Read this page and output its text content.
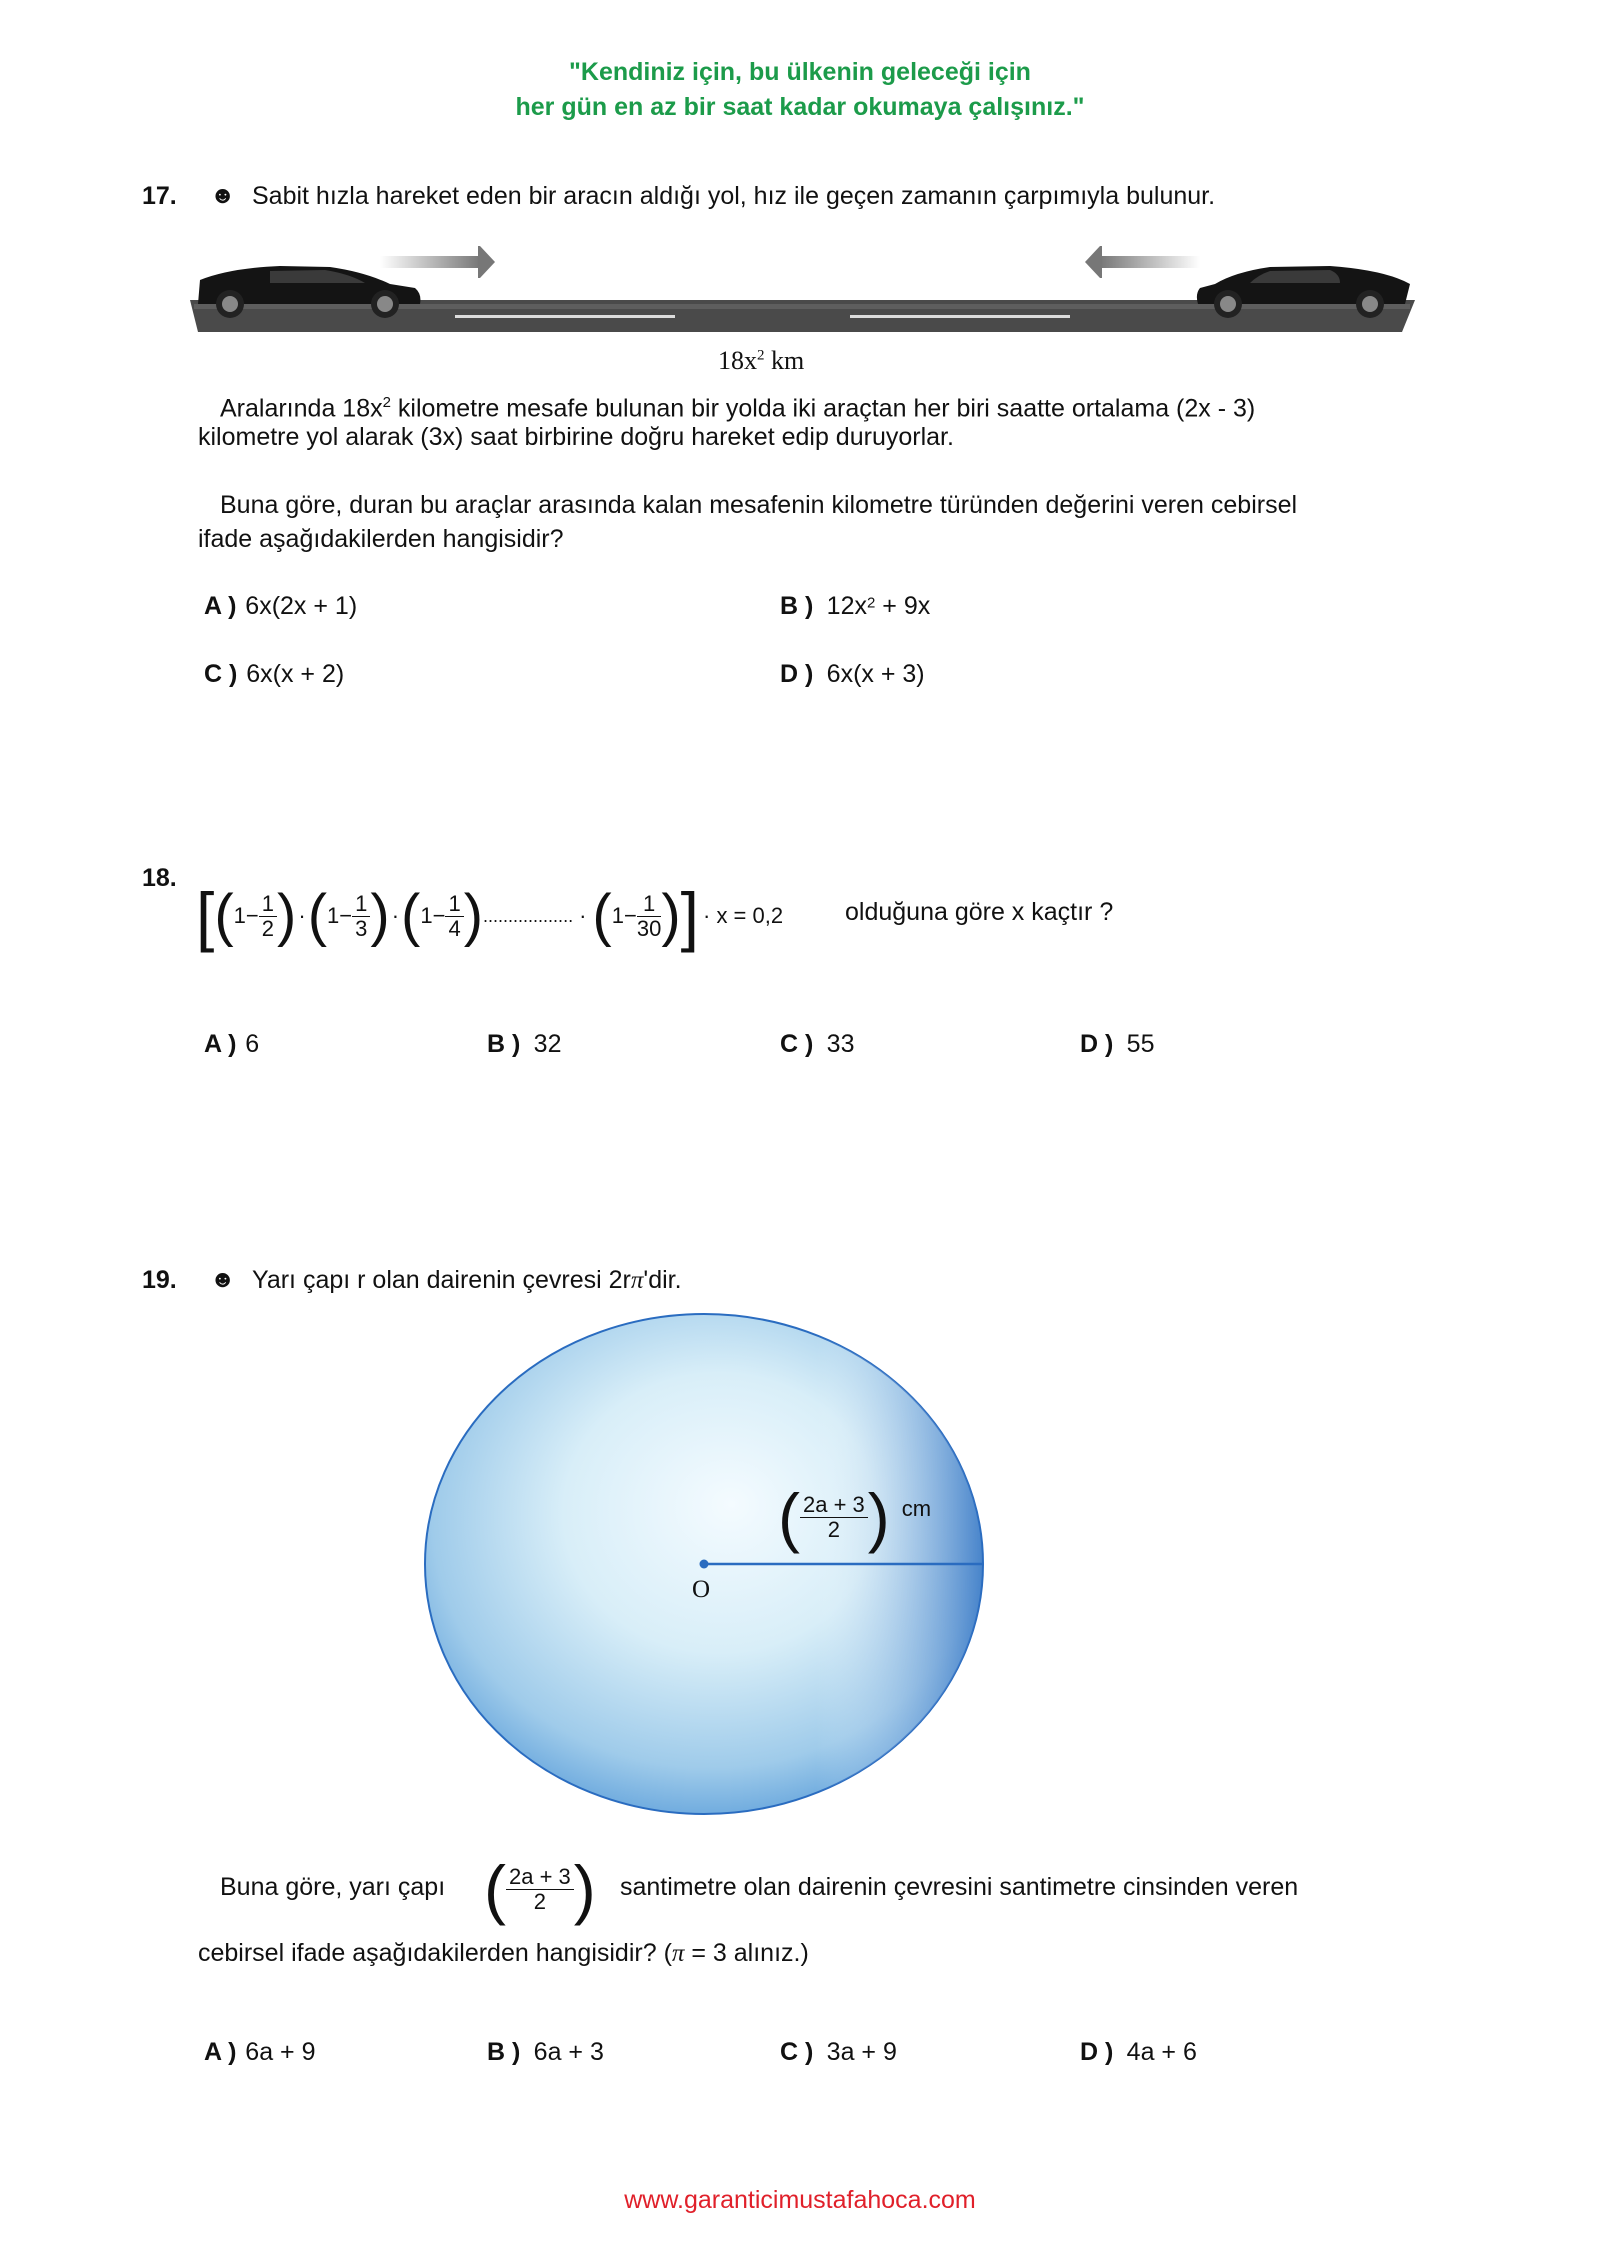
"Kendiniz için, bu ülkenin geleceği için
her gün en az bir saat kadar okumaya çalışınız."
17. ☻ Sabit hızla hareket eden bir aracın aldığı yol, hız ile geçen zamanın çarpımıyla bulunur.
$18x^2$ km
Aralarında $18x^2$ kilometre mesafe bulunan bir yolda iki araçtan her biri saatte ortalama (2x - 3)
kilometre yol alarak (3x) saat birbirine doğru hareket edip duruyorlar.
Buna göre, duran bu araçlar arasında kalan mesafenin kilometre türünden değerini veren cebirsel
ifade aşağıdakilerden hangisidir?
A ) 6x(2x + 1)	B ) $12x^2 + 9x$
C ) 6x(x + 2)	D ) 6x(x + 3)
18.
[ ( $1 - \frac{1}{2}$ ) · ( $1 - \frac{1}{3}$ ) · ( $1 - \frac{1}{4}$ ) .................. · ( $1 - \frac{1}{30}$ ) ] · x = 0,2 olduğuna göre x kaçtır ?
A ) 6	B ) 32	C ) 33	D ) 55
19. ☻ Yarı çapı r olan dairenin çevresi 2rπ'dir.
O
( $\frac{2a + 3}{2}$ ) cm
Buna göre, yarı çapı ( $\frac{2a + 3}{2}$ ) santimetre olan dairenin çevresini santimetre cinsinden veren
cebirsel ifade aşağıdakilerden hangisidir? (π = 3 alınız.)
A ) 6a + 9	B ) 6a + 3	C ) 3a + 9	D ) 4a + 6
www.garanticimustafahoca.com
